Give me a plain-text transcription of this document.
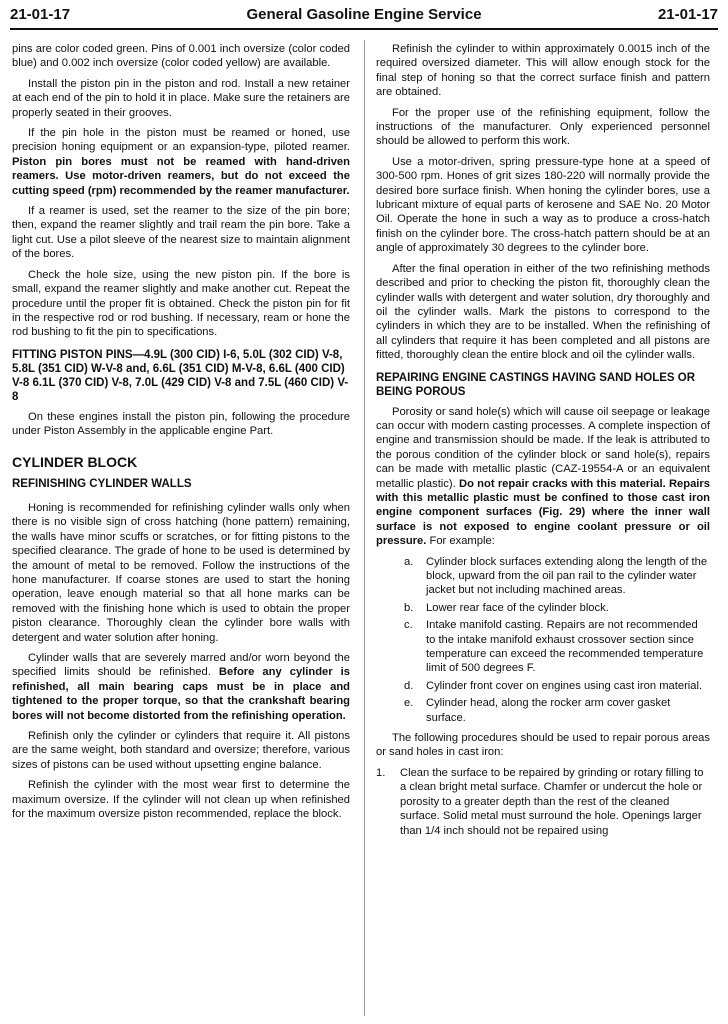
21-01-17	General Gasoline Engine Service	21-01-17

pins are color coded green. Pins of 0.001 inch oversize (color coded blue) and 0.002 inch oversize (color coded yellow) are available.

Install the piston pin in the piston and rod. Install a new retainer at each end of the pin to hold it in place. Make sure the retainers are properly seated in their grooves.

If the pin hole in the piston must be reamed or honed, use precision honing equipment or an expansion-type, piloted reamer. Piston pin bores must not be reamed with hand-driven reamers. Use motor-driven reamers, but do not exceed the cutting speed (rpm) recommended by the reamer manufacturer.

If a reamer is used, set the reamer to the size of the pin bore; then, expand the reamer slightly and trail ream the pin bore. Take a light cut. Use a pilot sleeve of the nearest size to maintain alignment of the bores.

Check the hole size, using the new piston pin. If the bore is small, expand the reamer slightly and make another cut. Repeat the procedure until the proper fit is obtained. Check the piston pin for fit in the respective rod or rod bushing. If necessary, ream or hone the rod bushing to fit the pin to specifications.

FITTING PISTON PINS—4.9L (300 CID) I-6, 5.0L (302 CID) V-8, 5.8L (351 CID) W-V-8 and, 6.6L (351 CID) M-V-8, 6.6L (400 CID) V-8 6.1L (370 CID) V-8, 7.0L (429 CID) V-8 and 7.5L (460 CID) V-8

On these engines install the piston pin, following the procedure under Piston Assembly in the applicable engine Part.

CYLINDER BLOCK
REFINISHING CYLINDER WALLS

Honing is recommended for refinishing cylinder walls only when there is no visible sign of cross hatching (hone pattern) remaining, the walls have minor scuffs or scratches, or for fitting pistons to the specified clearance. The grade of hone to be used is determined by the amount of metal to be removed. Follow the instructions of the hone manufacturer. If coarse stones are used to start the honing operation, leave enough material so that all hone marks can be removed with the finishing hone which is used to obtain the proper piston clearance. Thoroughly clean the cylinder bore walls with detergent and water solution after honing.

Cylinder walls that are severely marred and/or worn beyond the specified limits should be refinished. Before any cylinder is refinished, all main bearing caps must be in place and tightened to the proper torque, so that the crankshaft bearing bores will not become distorted from the refinishing operation.

Refinish only the cylinder or cylinders that require it. All pistons are the same weight, both standard and oversize; therefore, various sizes of pistons can be used without upsetting engine balance.

Refinish the cylinder with the most wear first to determine the maximum oversize. If the cylinder will not clean up when refinished for the maximum oversize piston recommended, replace the block.

Refinish the cylinder to within approximately 0.0015 inch of the required oversized diameter. This will allow enough stock for the final step of honing so that the correct surface finish and pattern are obtained.

For the proper use of the refinishing equipment, follow the instructions of the manufacturer. Only experienced personnel should be allowed to perform this work.

Use a motor-driven, spring pressure-type hone at a speed of 300-500 rpm. Hones of grit sizes 180-220 will normally provide the desired bore surface finish. When honing the cylinder bores, use a lubricant mixture of equal parts of kerosene and SAE No. 20 Motor Oil. Operate the hone in such a way as to produce a cross-hatch finish on the cylinder bore. The cross-hatch pattern should be at an angle of approximately 30 degrees to the cylinder bore.

After the final operation in either of the two refinishing methods described and prior to checking the piston fit, thoroughly clean the cylinder walls with detergent and water solution, dry thoroughly and oil the cylinder walls. Mark the pistons to correspond to the cylinders in which they are to be installed. When the refinishing of all cylinders that require it has been completed and all pistons are fitted, thoroughly clean the entire block and oil the cylinder walls.

REPAIRING ENGINE CASTINGS HAVING SAND HOLES OR BEING POROUS

Porosity or sand hole(s) which will cause oil seepage or leakage can occur with modern casting processes. A complete inspection of engine and transmission should be made. If the leak is attributed to the porous condition of the cylinder block or sand hole(s), repairs can be made with metallic plastic (CAZ-19554-A or an equivalent metallic plastic). Do not repair cracks with this material. Repairs with this metallic plastic must be confined to those cast iron engine component surfaces (Fig. 29) where the inner wall surface is not exposed to engine coolant pressure or oil pressure. For example:

a. Cylinder block surfaces extending along the length of the block, upward from the oil pan rail to the cylinder water jacket but not including machined areas.
b. Lower rear face of the cylinder block.
c. Intake manifold casting. Repairs are not recommended to the intake manifold exhaust crossover section since temperature can exceed the recommended temperature limit of 500 degrees F.
d. Cylinder front cover on engines using cast iron material.
e. Cylinder head, along the rocker arm cover gasket surface.

The following procedures should be used to repair porous areas or sand holes in cast iron:

1. Clean the surface to be repaired by grinding or rotary filling to a clean bright metal surface. Chamfer or undercut the hole or porosity to a greater depth than the rest of the cleaned surface. Solid metal must surround the hole. Openings larger than 1/4 inch should not be repaired using
